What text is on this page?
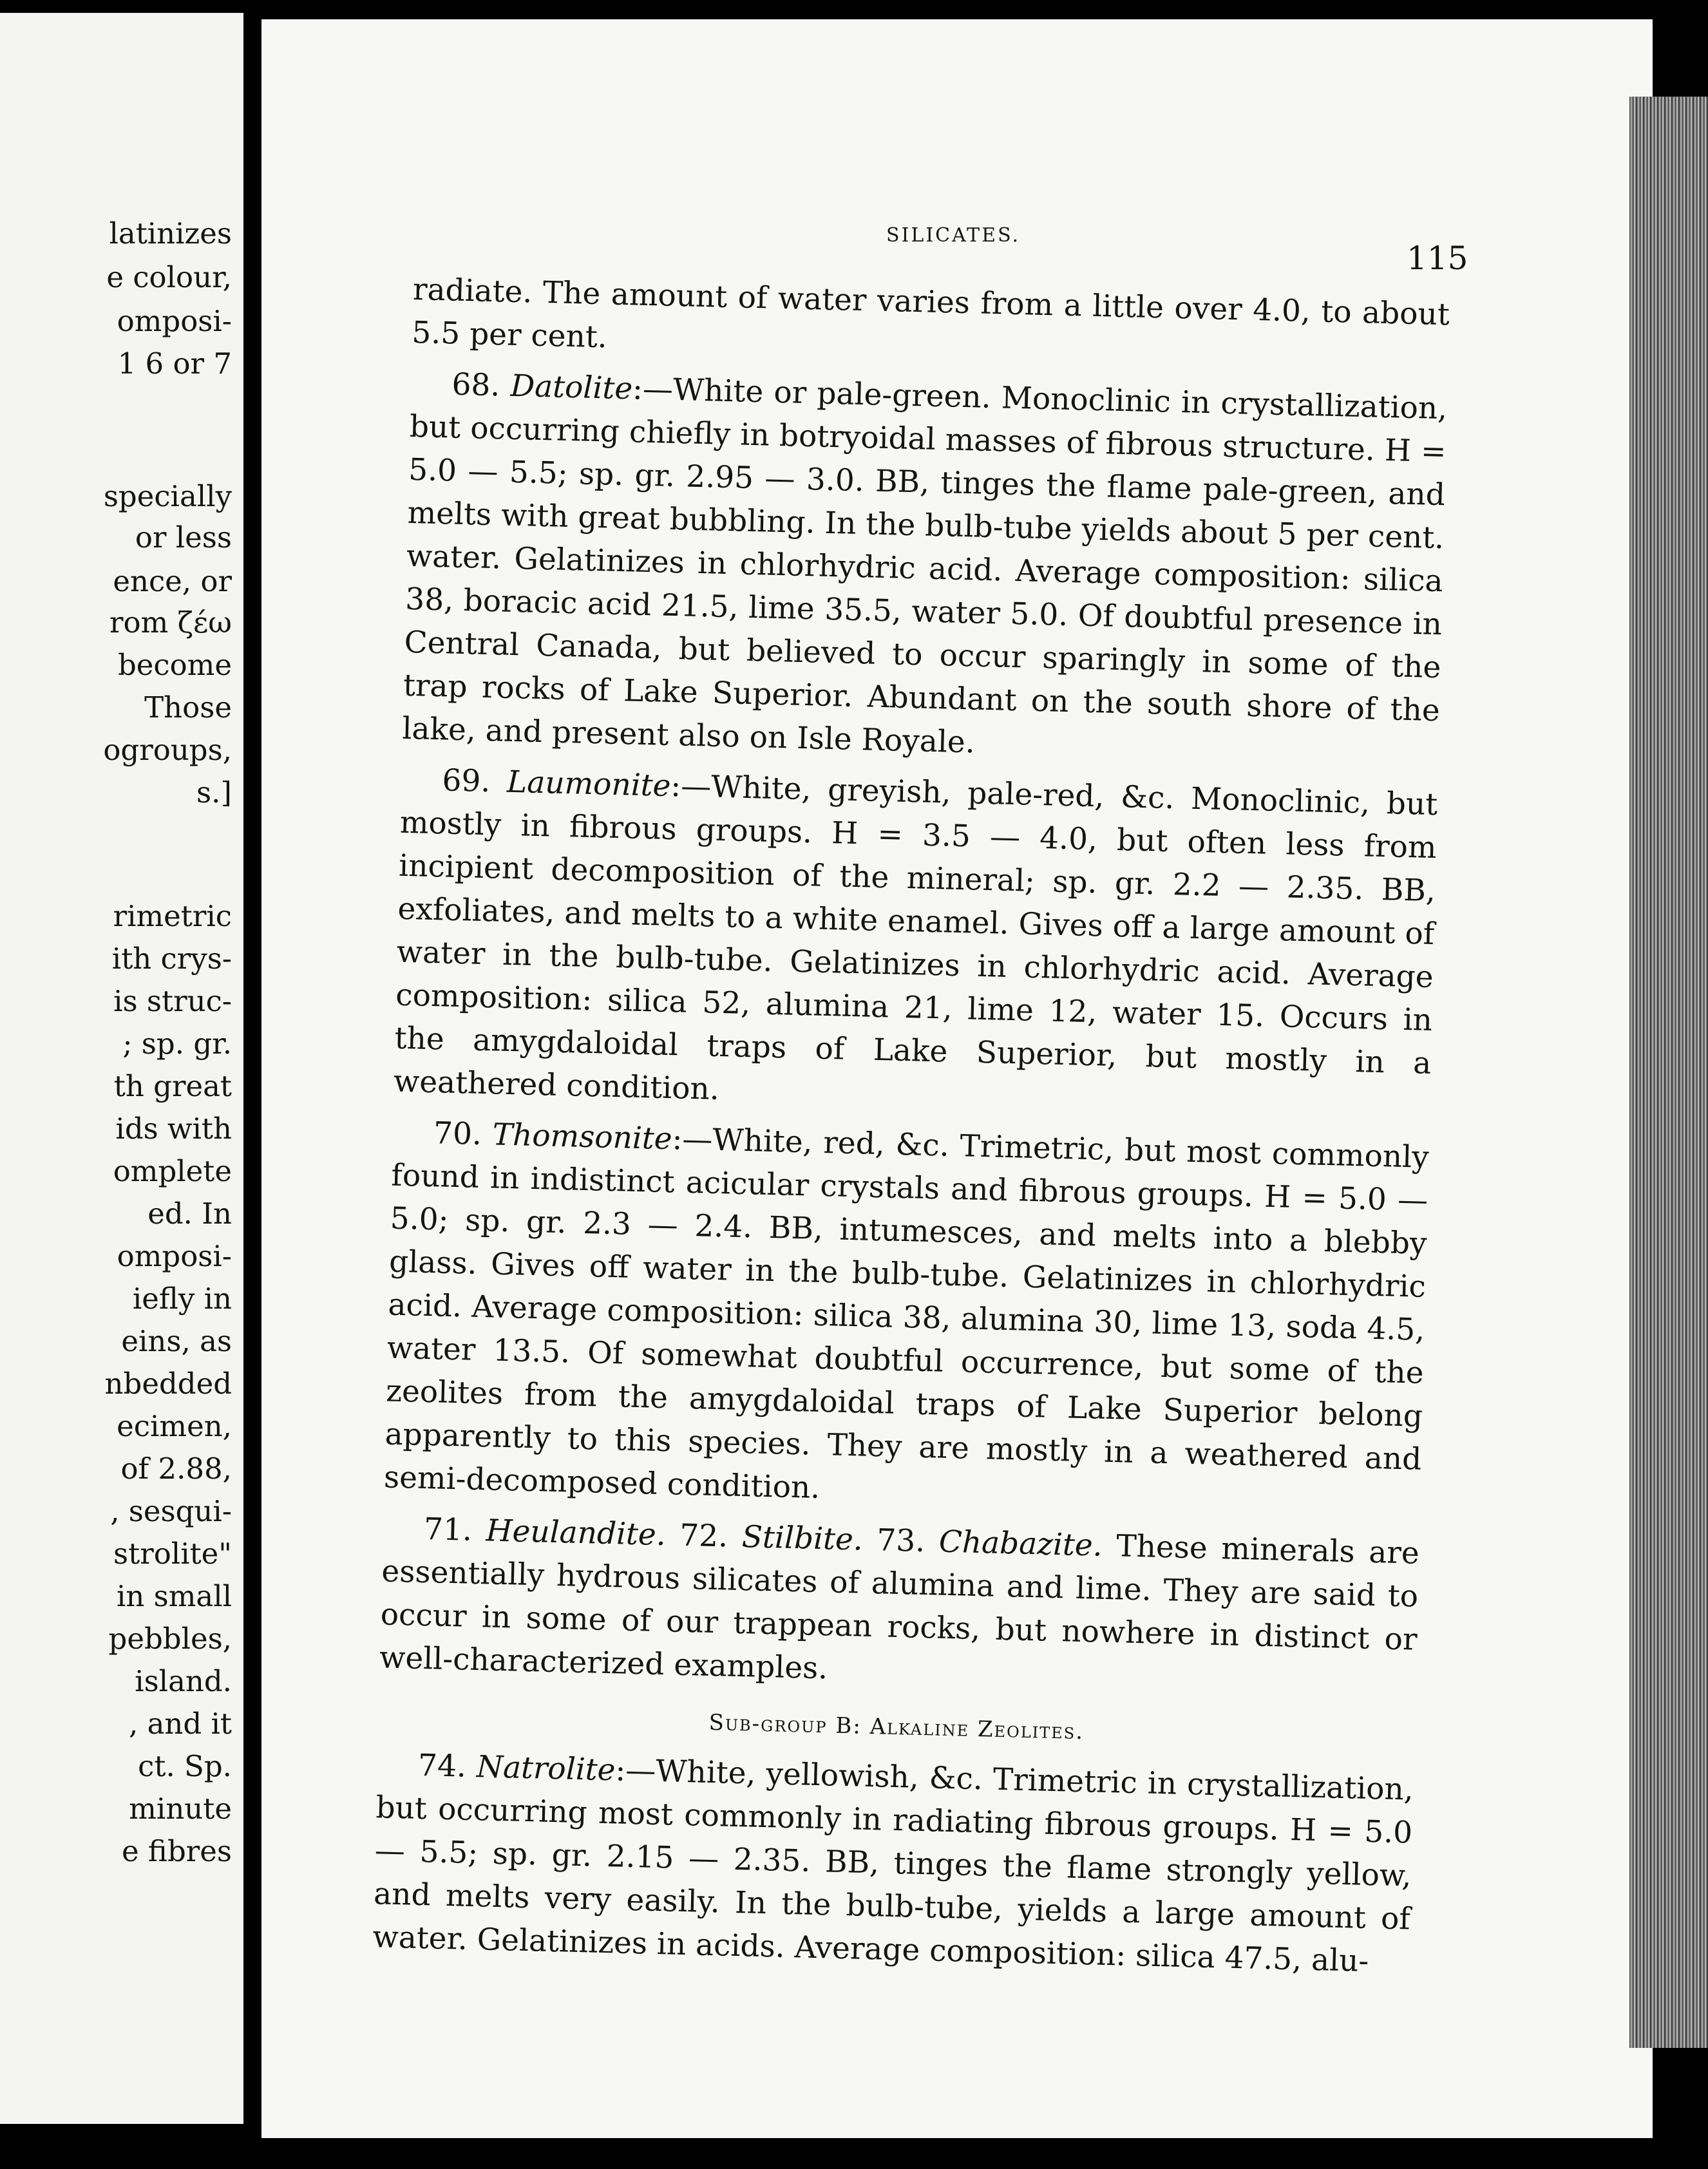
latinizes
e colour,
omposi-
1 6 or 7
specially
or less
ence, or
rom ζέω
become
Those
ogroups,
s.]
rimetric
ith crys-
is struc-
; sp. gr.
th great
ids with
omplete
ed. In
omposi-
iefly in
eins, as
nbedded
ecimen,
of 2.88,
, sesqui-
strolite"
in small
pebbles,
island.
, and it
ct. Sp.
minute
e fibres
SILICATES.
115

radiate. The amount of water varies from a little over 4.0, to about 5.5 per cent.

68. Datolite:—White or pale-green. Monoclinic in crystallization, but occurring chiefly in botryoidal masses of fibrous structure. H = 5.0 — 5.5; sp. gr. 2.95 — 3.0. BB, tinges the flame pale-green, and melts with great bubbling. In the bulb-tube yields about 5 per cent. water. Gelatinizes in chlorhydric acid. Average composition: silica 38, boracic acid 21.5, lime 35.5, water 5.0. Of doubtful presence in Central Canada, but believed to occur sparingly in some of the trap rocks of Lake Superior. Abundant on the south shore of the lake, and present also on Isle Royale.

69. Laumonite:—White, greyish, pale-red, &c. Monoclinic, but mostly in fibrous groups. H = 3.5 — 4.0, but often less from incipient decomposition of the mineral; sp. gr. 2.2 — 2.35. BB, exfoliates, and melts to a white enamel. Gives off a large amount of water in the bulb-tube. Gelatinizes in chlorhydric acid. Average composition: silica 52, alumina 21, lime 12, water 15. Occurs in the amygdaloidal traps of Lake Superior, but mostly in a weathered condition.

70. Thomsonite:—White, red, &c. Trimetric, but most commonly found in indistinct acicular crystals and fibrous groups. H = 5.0 — 5.0; sp. gr. 2.3 — 2.4. BB, intumesces, and melts into a blebby glass. Gives off water in the bulb-tube. Gelatinizes in chlorhydric acid. Average composition: silica 38, alumina 30, lime 13, soda 4.5, water 13.5. Of somewhat doubtful occurrence, but some of the zeolites from the amygdaloidal traps of Lake Superior belong apparently to this species. They are mostly in a weathered and semi-decomposed condition.

71. Heulandite. 72. Stilbite. 73. Chabazite. These minerals are essentially hydrous silicates of alumina and lime. They are said to occur in some of our trappean rocks, but nowhere in distinct or well-characterized examples.

Sub-group B: Alkaline Zeolites.

74. Natrolite:—White, yellowish, &c. Trimetric in crystallization, but occurring most commonly in radiating fibrous groups. H = 5.0 — 5.5; sp. gr. 2.15 — 2.35. BB, tinges the flame strongly yellow, and melts very easily. In the bulb-tube, yields a large amount of water. Gelatinizes in acids. Average composition: silica 47.5, alu-
